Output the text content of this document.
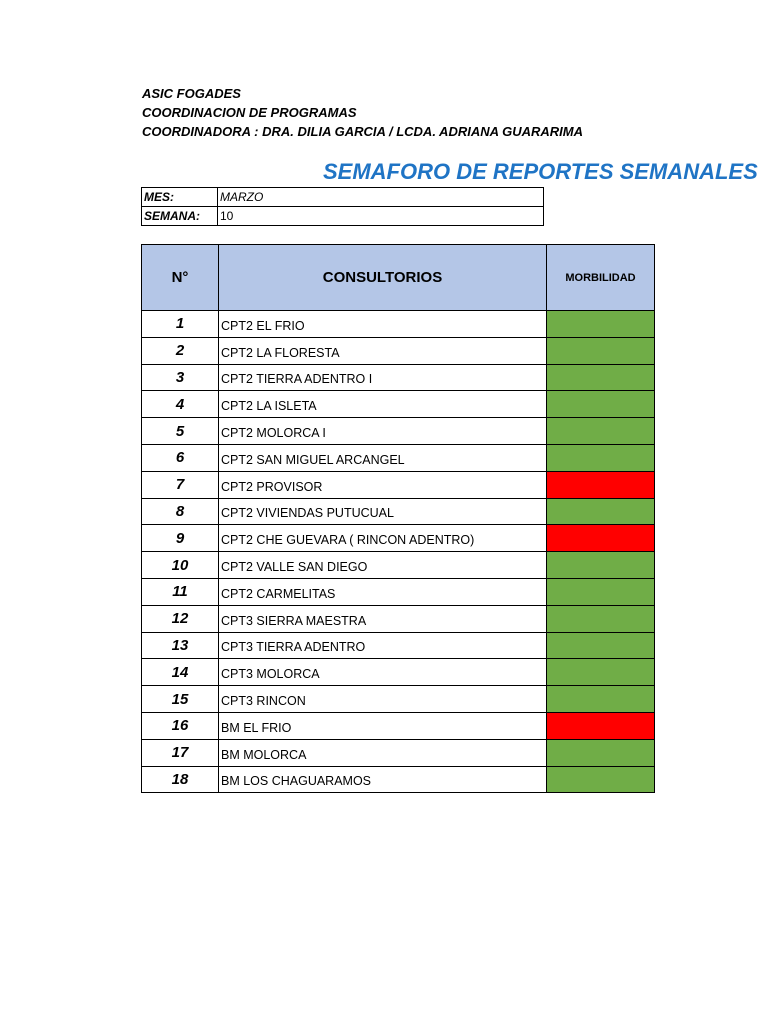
ASIC FOGADES
COORDINACION DE PROGRAMAS
COORDINADORA : DRA. DILIA GARCIA / LCDA. ADRIANA GUARARIMA
SEMAFORO DE REPORTES SEMANALES
MES:	MARZO
SEMANA:	10
N°	CONSULTORIOS	MORBILIDAD
1	CPT2 EL FRIO	
2	CPT2 LA FLORESTA	
3	CPT2 TIERRA ADENTRO I	
4	CPT2 LA ISLETA	
5	CPT2 MOLORCA I	
6	CPT2 SAN MIGUEL ARCANGEL	
7	CPT2 PROVISOR	
8	CPT2 VIVIENDAS PUTUCUAL	
9	CPT2 CHE GUEVARA ( RINCON ADENTRO)	
10	CPT2 VALLE SAN DIEGO	
11	CPT2 CARMELITAS	
12	CPT3 SIERRA MAESTRA	
13	CPT3 TIERRA ADENTRO	
14	CPT3 MOLORCA	
15	CPT3 RINCON	
16	BM EL FRIO	
17	BM MOLORCA	
18	BM LOS CHAGUARAMOS	
